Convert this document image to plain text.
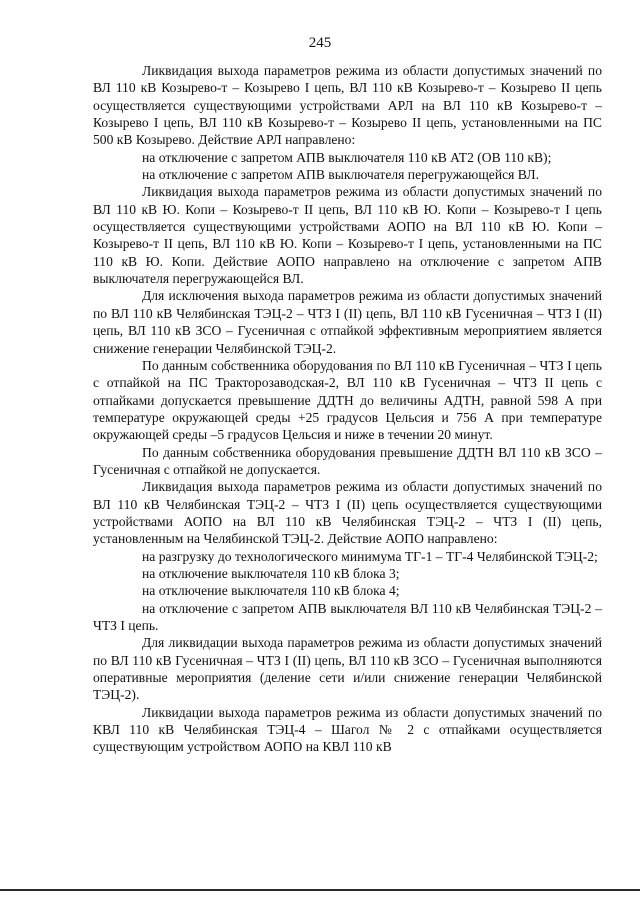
245

Ликвидация выхода параметров режима из области допустимых значений по ВЛ 110 кВ Козырево-т – Козырево I цепь, ВЛ 110 кВ Козырево-т – Козырево II цепь осуществляется существующими устройствами АРЛ на ВЛ 110 кВ Козырево-т – Козырево I цепь, ВЛ 110 кВ Козырево-т – Козырево II цепь, установленными на ПС 500 кВ Козырево. Действие АРЛ направлено:

на отключение с запретом АПВ выключателя 110 кВ АТ2 (ОВ 110 кВ);

на отключение с запретом АПВ выключателя перегружающейся ВЛ.

Ликвидация выхода параметров режима из области допустимых значений по ВЛ 110 кВ Ю. Копи – Козырево-т II цепь, ВЛ 110 кВ Ю. Копи – Козырево-т I цепь осуществляется существующими устройствами АОПО на ВЛ 110 кВ Ю. Копи – Козырево-т II цепь, ВЛ 110 кВ Ю. Копи – Козырево-т I цепь, установленными на ПС 110 кВ Ю. Копи. Действие АОПО направлено на отключение с запретом АПВ выключателя перегружающейся ВЛ.

Для исключения выхода параметров режима из области допустимых значений по ВЛ 110 кВ Челябинская ТЭЦ-2 – ЧТЗ I (II) цепь, ВЛ 110 кВ Гусеничная – ЧТЗ I (II) цепь, ВЛ 110 кВ ЗСО – Гусеничная с отпайкой эффективным мероприятием является снижение генерации Челябинской ТЭЦ-2.

По данным собственника оборудования по ВЛ 110 кВ Гусеничная – ЧТЗ I цепь с отпайкой на ПС Тракторозаводская-2, ВЛ 110 кВ Гусеничная – ЧТЗ II цепь с отпайками допускается превышение ДДТН до величины АДТН, равной 598 А при температуре окружающей среды +25 градусов Цельсия и 756 А при температуре окружающей среды –5 градусов Цельсия и ниже в течении 20 минут.

По данным собственника оборудования превышение ДДТН ВЛ 110 кВ ЗСО – Гусеничная с отпайкой не допускается.

Ликвидация выхода параметров режима из области допустимых значений по ВЛ 110 кВ Челябинская ТЭЦ-2 – ЧТЗ I (II) цепь осуществляется существующими устройствами АОПО на ВЛ 110 кВ Челябинская ТЭЦ-2 – ЧТЗ I (II) цепь, установленным на Челябинской ТЭЦ-2. Действие АОПО направлено:

на разгрузку до технологического минимума ТГ-1 – ТГ-4 Челябинской ТЭЦ-2;

на отключение выключателя 110 кВ блока 3;

на отключение выключателя 110 кВ блока 4;

на отключение с запретом АПВ выключателя ВЛ 110 кВ Челябинская ТЭЦ-2 – ЧТЗ I цепь.

Для ликвидации выхода параметров режима из области допустимых значений по ВЛ 110 кВ Гусеничная – ЧТЗ I (II) цепь, ВЛ 110 кВ ЗСО – Гусеничная выполняются оперативные мероприятия (деление сети и/или снижение генерации Челябинской ТЭЦ-2).

Ликвидации выхода параметров режима из области допустимых значений по КВЛ 110 кВ Челябинская ТЭЦ-4 – Шагол № 2 с отпайками осуществляется существующим устройством АОПО на КВЛ 110 кВ
